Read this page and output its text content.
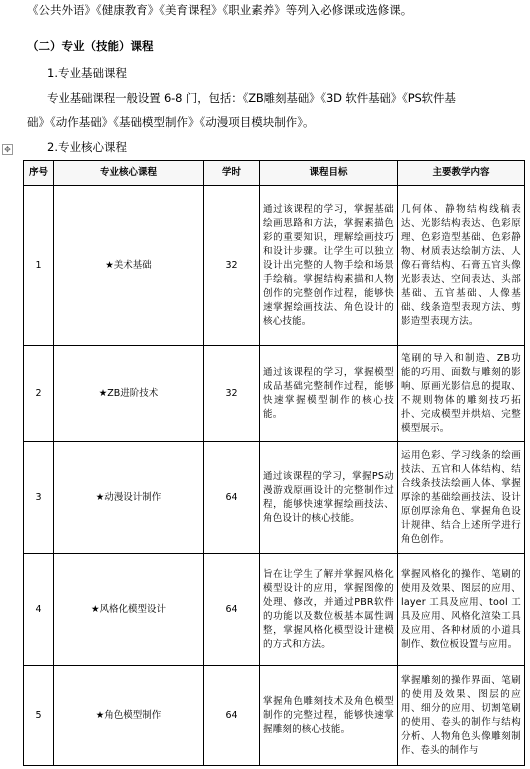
《公共外语》《健康教育》《美育课程》《职业素养》等列入必修课或选修课。
（二）专业（技能）课程
1.专业基础课程
专业基础课程一般设置 6-8 门，包括：《ZB雕刻基础》《3D 软件基础》《PS软件基
础》《动作基础》《基础模型制作》《动漫项目模块制作》。
✥	2.专业核心课程
序号	专业核心课程	学时	课程目标	主要教学内容
1	★美术基础	32	通过该课程的学习，掌握基础绘画思路和方法，掌握素描色彩的重要知识，理解绘画技巧和设计步骤。让学生可以独立设计出完整的人物手绘和场景手绘稿。掌握结构素描和人物创作的完整创作过程，能够快速掌握绘画技法、角色设计的核心技能。	几何体、静物结构线稿表达、光影结构表达、色彩原理、色彩造型基础、色彩静物、材质表达绘制方法、人像石膏结构、石膏五官头像光影表达、空间表达、头部基础、五官基础、人像基础、线条造型表现方法、剪影造型表现方法。
2	★ZB进阶技术	32	通过该课程的学习，掌握模型成品基础完整制作过程，能够快速掌握模型制作的核心技能。	笔刷的导入和制造、ZB功能的巧用、面数与雕刻的影响、原画光影信息的提取、不规则物体的雕刻技巧拓扑、完成模型并烘焙、完整模型展示。
3	★动漫设计制作	64	通过该课程的学习，掌握PS动漫游戏原画设计的完整制作过程，能够快速掌握绘画技法、角色设计的核心技能。	运用色彩、学习线条的绘画技法、五官和人体结构、结合线条技法绘画人体、掌握厚涂的基础绘画技法、设计原创厚涂角色、掌握角色设计规律、结合上述所学进行角色创作。
4	★风格化模型设计	64	旨在让学生了解并掌握风格化模型设计的应用，掌握图像的处理、修改，并通过PBR软件的功能以及数位板基本属性调整，掌握风格化模型设计建模的方式和方法。	掌握风格化的操作、笔刷的使用及效果、图层的应用、layer 工具及应用、tool 工具及应用、风格化渲染工具及应用、各种材质的小道具制作、数位板设置与应用。
5	★角色模型制作	64	掌握角色雕刻技术及角色模型制作的完整过程，能够快速掌握雕刻的核心技能。	掌握雕刻的操作界面、笔刷的使用及效果、图层的应用、细分的应用、切割笔刷的使用、卷头的制作与结构分析、人物角色头像雕刻制作、卷头的制作与
